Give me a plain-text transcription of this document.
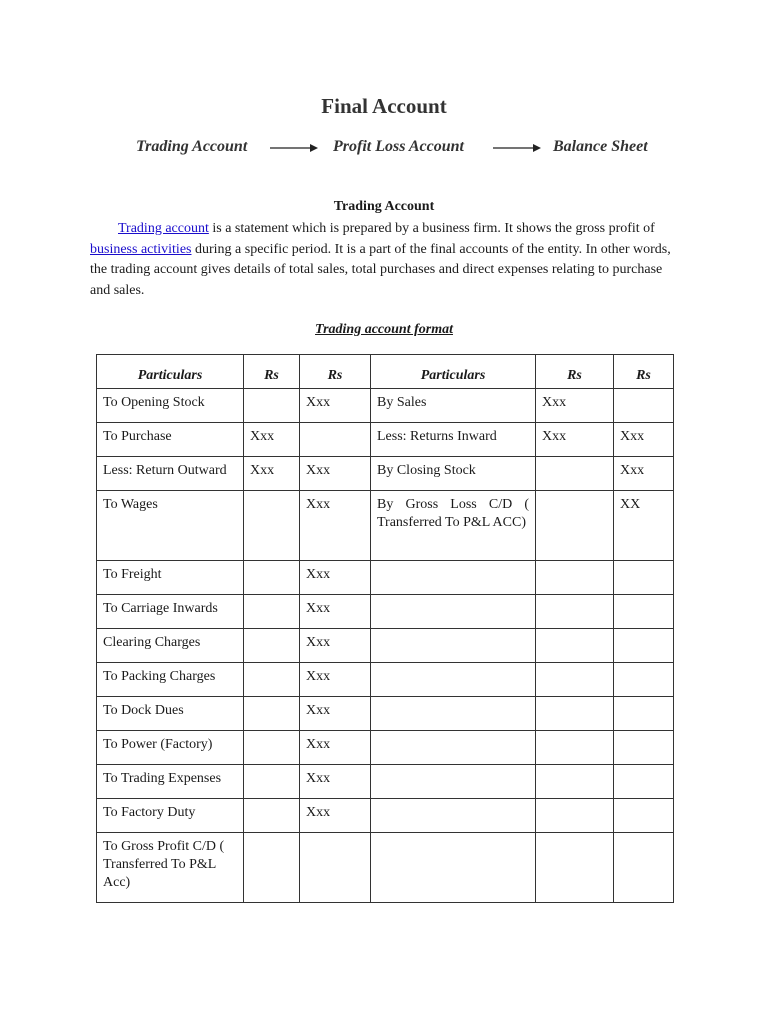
Final Account
Trading Account	Profit Loss Account	Balance Sheet
Trading Account
Trading account is a statement which is prepared by a business firm. It shows the gross profit of business activities during a specific period. It is a part of the final accounts of the entity. In other words, the trading account gives details of total sales, total purchases and direct expenses relating to purchase and sales.
Trading account format
Particulars	Rs	Rs	Particulars	Rs	Rs
To Opening Stock		Xxx	By Sales	Xxx	
To Purchase	Xxx		Less: Returns Inward	Xxx	Xxx
Less: Return Outward	Xxx	Xxx	By Closing Stock		Xxx
To Wages		Xxx	By Gross Loss C/D ( Transferred To P&L ACC)		XX
To Freight		Xxx			
To Carriage Inwards		Xxx			
Clearing Charges		Xxx			
To Packing Charges		Xxx			
To Dock Dues		Xxx			
To Power (Factory)		Xxx			
To Trading Expenses		Xxx			
To Factory Duty		Xxx			
To Gross Profit C/D ( Transferred To P&L Acc)					
